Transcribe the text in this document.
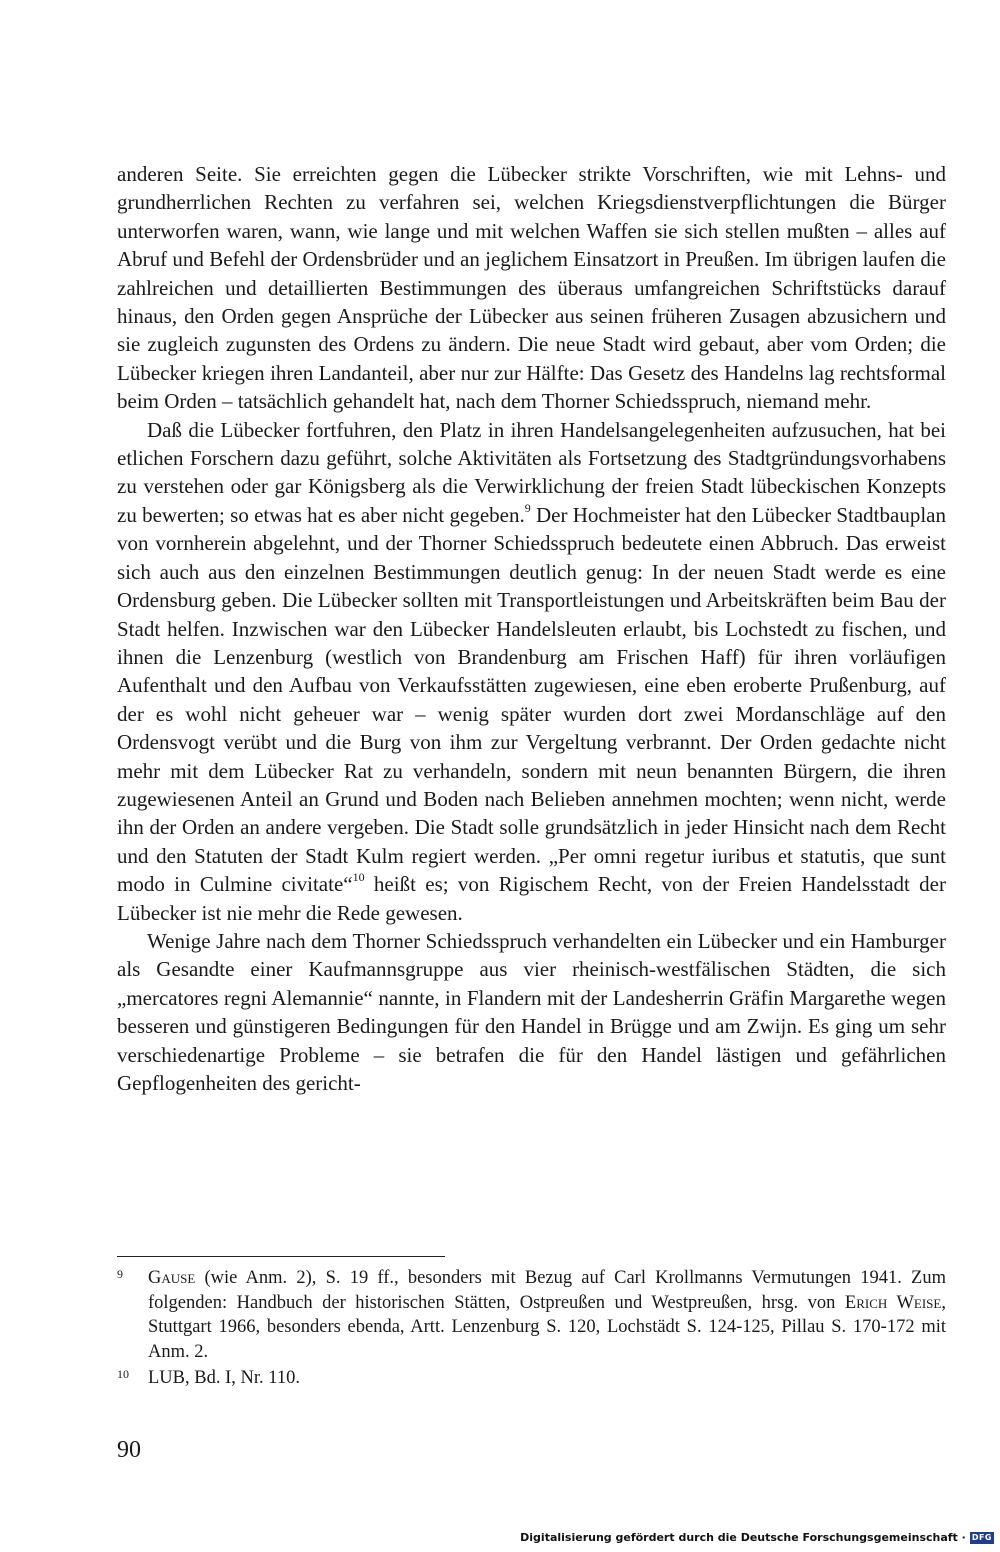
anderen Seite. Sie erreichten gegen die Lübecker strikte Vorschriften, wie mit Lehns- und grundherrlichen Rechten zu verfahren sei, welchen Kriegsdienstverpflichtungen die Bürger unterworfen waren, wann, wie lange und mit welchen Waffen sie sich stellen mußten – alles auf Abruf und Befehl der Ordensbrüder und an jeglichem Einsatzort in Preußen. Im übrigen laufen die zahlreichen und detaillierten Bestimmungen des überaus umfangreichen Schriftstücks darauf hinaus, den Orden gegen Ansprüche der Lübecker aus seinen früheren Zusagen abzusichern und sie zugleich zugunsten des Ordens zu ändern. Die neue Stadt wird gebaut, aber vom Orden; die Lübecker kriegen ihren Landanteil, aber nur zur Hälfte: Das Gesetz des Handelns lag rechtsformal beim Orden – tatsächlich gehandelt hat, nach dem Thorner Schiedsspruch, niemand mehr.

Daß die Lübecker fortfuhren, den Platz in ihren Handelsangelegenheiten aufzusuchen, hat bei etlichen Forschern dazu geführt, solche Aktivitäten als Fortsetzung des Stadtgründungsvorhabens zu verstehen oder gar Königsberg als die Verwirklichung der freien Stadt lübeckischen Konzepts zu bewerten; so etwas hat es aber nicht gegeben.$^9$ Der Hochmeister hat den Lübecker Stadtbauplan von vornherein abgelehnt, und der Thorner Schiedsspruch bedeutete einen Abbruch. Das erweist sich auch aus den einzelnen Bestimmungen deutlich genug: In der neuen Stadt werde es eine Ordensburg geben. Die Lübecker sollten mit Transportleistungen und Arbeitskräften beim Bau der Stadt helfen. Inzwischen war den Lübecker Handelsleuten erlaubt, bis Lochstedt zu fischen, und ihnen die Lenzenburg (westlich von Brandenburg am Frischen Haff) für ihren vorläufigen Aufenthalt und den Aufbau von Verkaufsstätten zugewiesen, eine eben eroberte Prußenburg, auf der es wohl nicht geheuer war – wenig später wurden dort zwei Mordanschläge auf den Ordensvogt verübt und die Burg von ihm zur Vergeltung verbrannt. Der Orden gedachte nicht mehr mit dem Lübecker Rat zu verhandeln, sondern mit neun benannten Bürgern, die ihren zugewiesenen Anteil an Grund und Boden nach Belieben annehmen mochten; wenn nicht, werde ihn der Orden an andere vergeben. Die Stadt solle grundsätzlich in jeder Hinsicht nach dem Recht und den Statuten der Stadt Kulm regiert werden. „Per omni regetur iuribus et statutis, que sunt modo in Culmine civitate“$^{10}$ heißt es; von Rigischem Recht, von der Freien Handelsstadt der Lübecker ist nie mehr die Rede gewesen.

Wenige Jahre nach dem Thorner Schiedsspruch verhandelten ein Lübecker und ein Hamburger als Gesandte einer Kaufmannsgruppe aus vier rheinisch-westfälischen Städten, die sich „mercatores regni Alemannie“ nannte, in Flandern mit der Landesherrin Gräfin Margarethe wegen besseren und günstigeren Bedingungen für den Handel in Brügge und am Zwijn. Es ging um sehr verschiedenartige Probleme – sie betrafen die für den Handel lästigen und gefährlichen Gepflogenheiten des gericht-

9 Gause (wie Anm. 2), S. 19 ff., besonders mit Bezug auf Carl Krollmanns Vermutungen 1941. Zum folgenden: Handbuch der historischen Stätten, Ostpreußen und Westpreußen, hrsg. von Erich Weise, Stuttgart 1966, besonders ebenda, Artt. Lenzenburg S. 120, Lochstädt S. 124-125, Pillau S. 170-172 mit Anm. 2.

10 LUB, Bd. I, Nr. 110.

90
Digitalisierung gefördert durch die Deutsche Forschungsgemeinschaft · DFG
